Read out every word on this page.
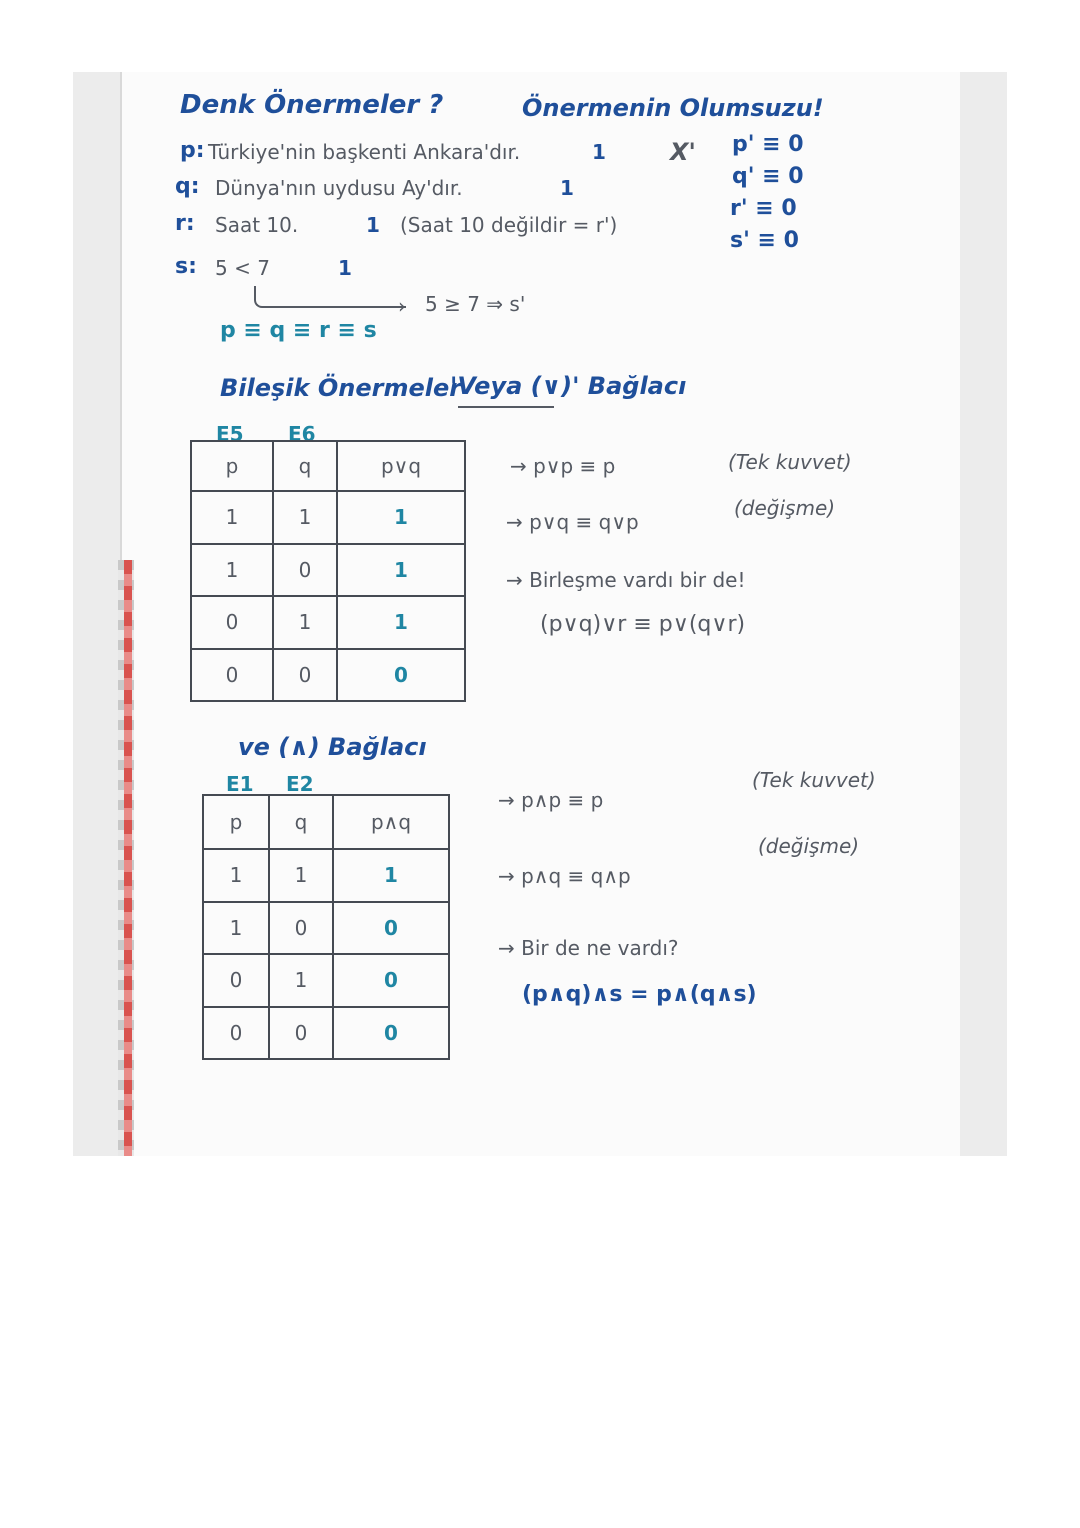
Denk Önermeler ?	Önermenin Olumsuzu!
p: Türkiye'nin başkenti Ankara'dır.	1
q: Dünya'nın uydusu Ay'dır.	1
r: Saat 10.	1 (Saat 10 değildir = r')
s: 5 < 7	1
X' p' ≡ 0
q' ≡ 0
r' ≡ 0
s' ≡ 0
› 5 ≥ 7 ⇒ s'
p ≡ q ≡ r ≡ s
Bileşik Önermeler
'Veya (∨)' Bağlacı
E5 E6
p	q	p∨q
1	1	1
1	0	1
0	1	1
0	0	0
→ p∨p ≡ p	(Tek kuvvet)
→ p∨q ≡ q∨p
(değişme)
→ Birleşme vardı bir de!
(p∨q)∨r ≡ p∨(q∨r)
ve (∧) Bağlacı
E1 E2
p	q	p∧q
1	1	1
1	0	0
0	1	0
0	0	0
→ p∧p ≡ p
(Tek kuvvet)
→ p∧q ≡ q∧p
(değişme)
→ Bir de ne vardı?
(p∧q)∧s = p∧(q∧s)
